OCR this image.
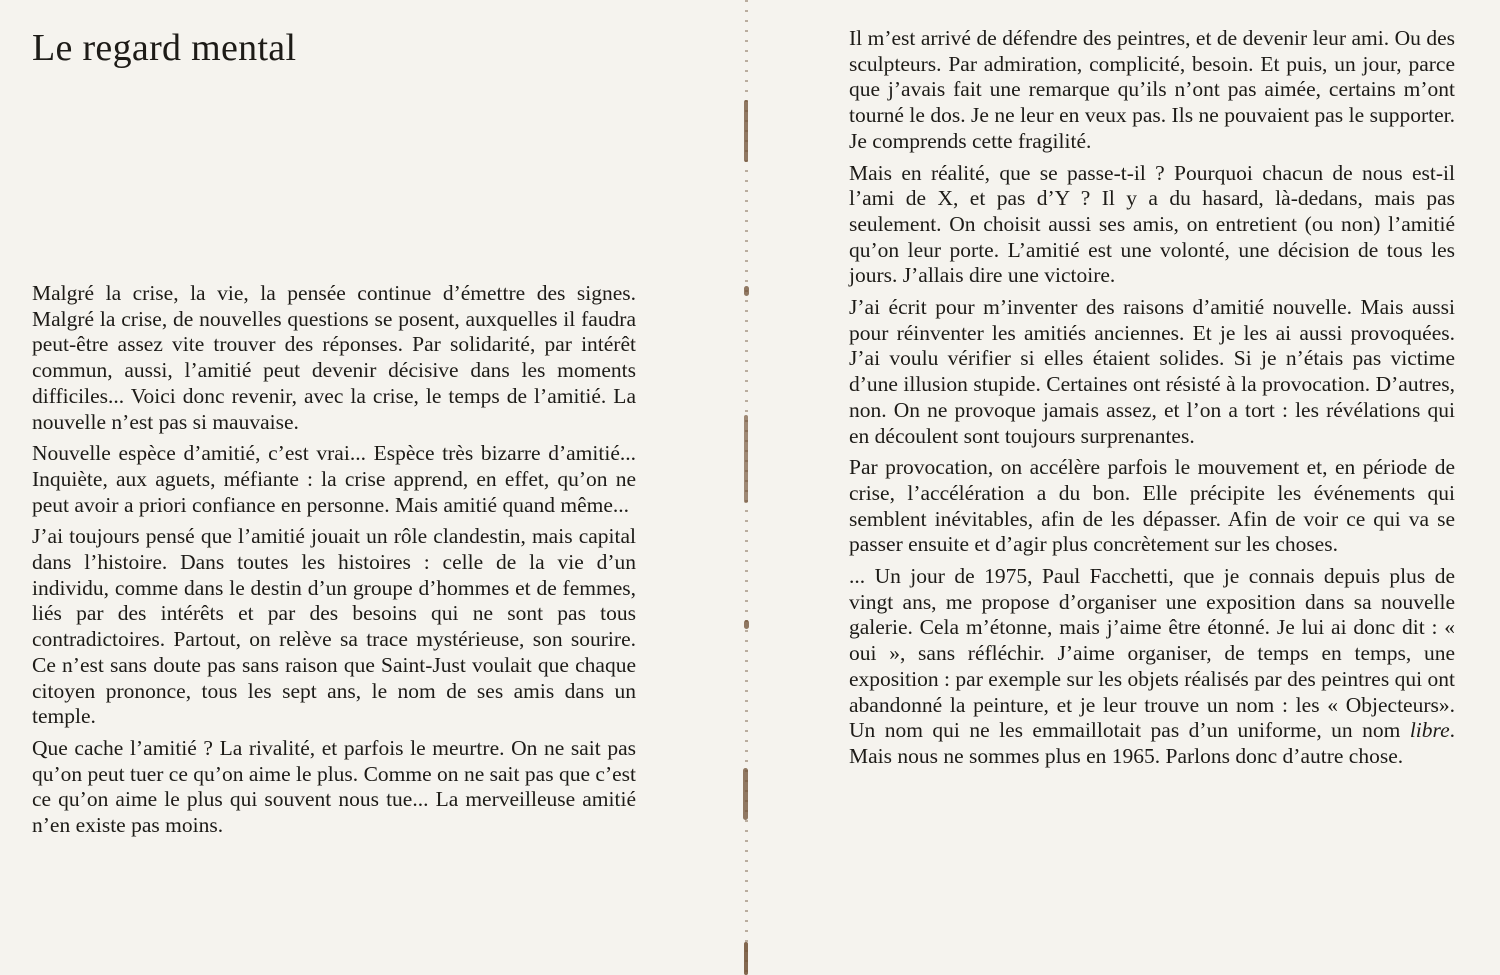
Le regard mental

Malgré la crise, la vie, la pensée continue d’émettre des signes. Malgré la crise, de nouvelles questions se posent, auxquelles il faudra peut-être assez vite trouver des réponses. Par solidarité, par intérêt commun, aussi, l’amitié peut devenir décisive dans les moments difficiles... Voici donc revenir, avec la crise, le temps de l’amitié. La nouvelle n’est pas si mauvaise.

Nouvelle espèce d’amitié, c’est vrai... Espèce très bizarre d’amitié... Inquiète, aux aguets, méfiante : la crise apprend, en effet, qu’on ne peut avoir a priori confiance en personne. Mais amitié quand même...

J’ai toujours pensé que l’amitié jouait un rôle clandestin, mais capital dans l’histoire. Dans toutes les histoires : celle de la vie d’un individu, comme dans le destin d’un groupe d’hommes et de femmes, liés par des intérêts et par des besoins qui ne sont pas tous contradictoires. Partout, on relève sa trace mystérieuse, son sourire. Ce n’est sans doute pas sans raison que Saint-Just voulait que chaque citoyen prononce, tous les sept ans, le nom de ses amis dans un temple.

Que cache l’amitié ? La rivalité, et parfois le meurtre. On ne sait pas qu’on peut tuer ce qu’on aime le plus. Comme on ne sait pas que c’est ce qu’on aime le plus qui souvent nous tue... La merveilleuse amitié n’en existe pas moins.

Il m’est arrivé de défendre des peintres, et de devenir leur ami. Ou des sculpteurs. Par admiration, complicité, besoin. Et puis, un jour, parce que j’avais fait une remarque qu’ils n’ont pas aimée, certains m’ont tourné le dos. Je ne leur en veux pas. Ils ne pouvaient pas le supporter. Je comprends cette fragilité.

Mais en réalité, que se passe-t-il ? Pourquoi chacun de nous est-il l’ami de X, et pas d’Y ? Il y a du hasard, là-dedans, mais pas seulement. On choisit aussi ses amis, on entretient (ou non) l’amitié qu’on leur porte. L’amitié est une volonté, une décision de tous les jours. J’allais dire une victoire.

J’ai écrit pour m’inventer des raisons d’amitié nouvelle. Mais aussi pour réinventer les amitiés anciennes. Et je les ai aussi provoquées. J’ai voulu vérifier si elles étaient solides. Si je n’étais pas victime d’une illusion stupide. Certaines ont résisté à la provocation. D’autres, non. On ne provoque jamais assez, et l’on a tort : les révélations qui en découlent sont toujours surprenantes.

Par provocation, on accélère parfois le mouvement et, en période de crise, l’accélération a du bon. Elle précipite les événements qui semblent inévitables, afin de les dépasser. Afin de voir ce qui va se passer ensuite et d’agir plus concrètement sur les choses.

... Un jour de 1975, Paul Facchetti, que je connais depuis plus de vingt ans, me propose d’organiser une exposition dans sa nouvelle galerie. Cela m’étonne, mais j’aime être étonné. Je lui ai donc dit : « oui », sans réfléchir. J’aime organiser, de temps en temps, une exposition : par exemple sur les objets réalisés par des peintres qui ont abandonné la peinture, et je leur trouve un nom : les « Objecteurs». Un nom qui ne les emmaillotait pas d’un uniforme, un nom libre. Mais nous ne sommes plus en 1965. Parlons donc d’autre chose.
